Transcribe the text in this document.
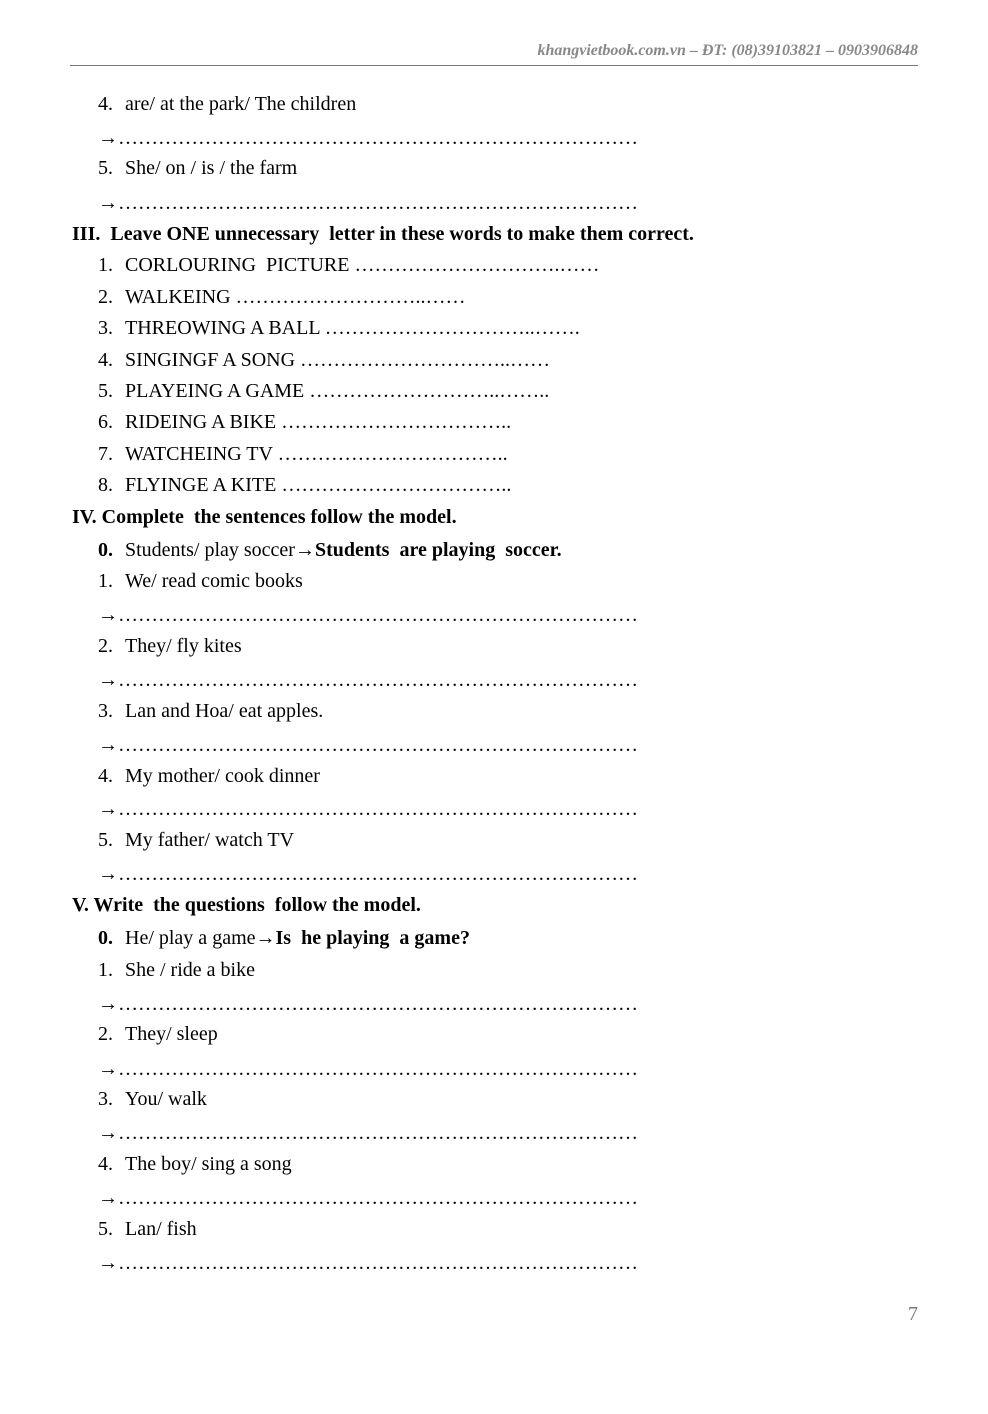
khangvietbook.com.vn – ĐT: (08)39103821 – 0903906848
4. are/ at the park/ The children
→……………………………………………………………………
5. She/ on / is / the farm
→……………………………………………………………………
III.  Leave ONE unnecessary  letter in these words to make them correct.
1. CORLOURING  PICTURE ………………………….……
2. WALKEING ………………………..……
3. THREOWING A BALL …………………………..…….
4. SINGINGF A SONG …………………………..……
5. PLAYEING A GAME ………………………..……..
6. RIDEING A BIKE ……………………………..
7. WATCHEING TV ……………………………..
8. FLYINGE A KITE ……………………………..
IV. Complete  the sentences follow the model.
0. Students/ play soccer→Students  are playing  soccer.
1. We/ read comic books
→……………………………………………………………………
2. They/ fly kites
→……………………………………………………………………
3. Lan and Hoa/ eat apples.
→……………………………………………………………………
4. My mother/ cook dinner
→……………………………………………………………………
5. My father/ watch TV
→……………………………………………………………………
V. Write  the questions  follow the model.
0. He/ play a game→Is  he playing  a game?
1. She / ride a bike
→……………………………………………………………………
2. They/ sleep
→……………………………………………………………………
3. You/ walk
→……………………………………………………………………
4. The boy/ sing a song
→……………………………………………………………………
5. Lan/ fish
→……………………………………………………………………
7
